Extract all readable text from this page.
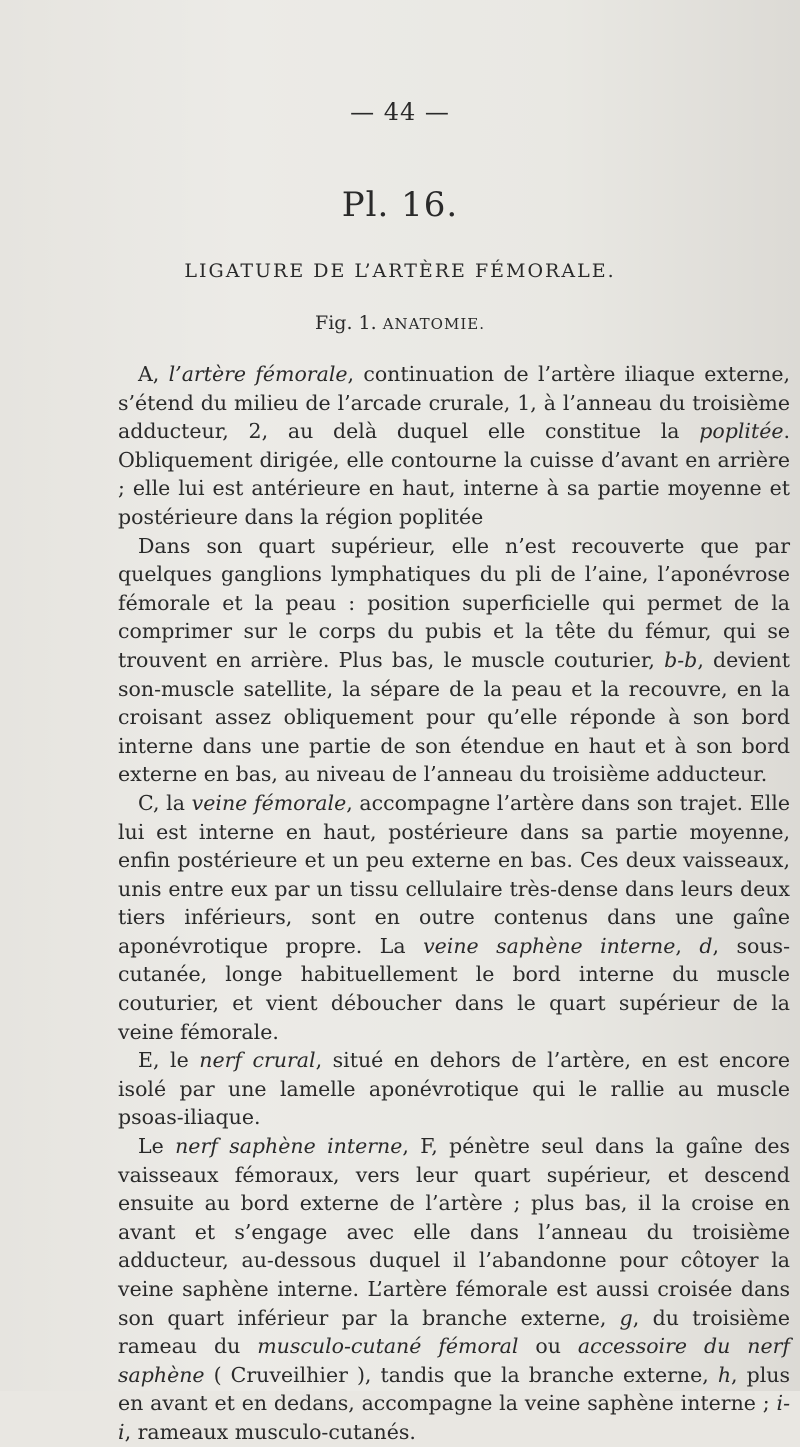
— 44 —
Pl. 16.
LIGATURE DE L’ARTÈRE FÉMORALE.
Fig. 1. ANATOMIE.

A, l’artère fémorale, continuation de l’artère iliaque externe, s’étend du milieu de l’arcade crurale, 1, à l’anneau du troisième adducteur, 2, au delà duquel elle constitue la poplitée. Obliquement dirigée, elle contourne la cuisse d’avant en arrière ; elle lui est antérieure en haut, interne à sa partie moyenne et postérieure dans la région poplitée

Dans son quart supérieur, elle n’est recouverte que par quelques ganglions lymphatiques du pli de l’aine, l’aponévrose fémorale et la peau : position superficielle qui permet de la comprimer sur le corps du pubis et la tête du fémur, qui se trouvent en arrière. Plus bas, le muscle couturier, b-b, devient son-muscle satellite, la sépare de la peau et la recouvre, en la croisant assez obliquement pour qu’elle réponde à son bord interne dans une partie de son étendue en haut et à son bord externe en bas, au niveau de l’anneau du troisième adducteur.

C, la veine fémorale, accompagne l’artère dans son trajet. Elle lui est interne en haut, postérieure dans sa partie moyenne, enfin postérieure et un peu externe en bas. Ces deux vaisseaux, unis entre eux par un tissu cellulaire très-dense dans leurs deux tiers inférieurs, sont en outre contenus dans une gaîne aponévrotique propre. La veine saphène interne, d, sous-cutanée, longe habituellement le bord interne du muscle couturier, et vient déboucher dans le quart supérieur de la veine fémorale.

E, le nerf crural, situé en dehors de l’artère, en est encore isolé par une lamelle aponévrotique qui le rallie au muscle psoas-iliaque.

Le nerf saphène interne, F, pénètre seul dans la gaîne des vaisseaux fémoraux, vers leur quart supérieur, et descend ensuite au bord externe de l’artère ; plus bas, il la croise en avant et s’engage avec elle dans l’anneau du troisième adducteur, au-dessous duquel il l’abandonne pour côtoyer la veine saphène interne. L’artère fémorale est aussi croisée dans son quart inférieur par la branche externe, g, du troisième rameau du musculo-cutané fémoral ou accessoire du nerf saphène ( Cruveilhier ), tandis que la branche externe, h, plus en avant et en dedans, accompagne la veine saphène interne ; i-i, rameaux musculo-cutanés.
